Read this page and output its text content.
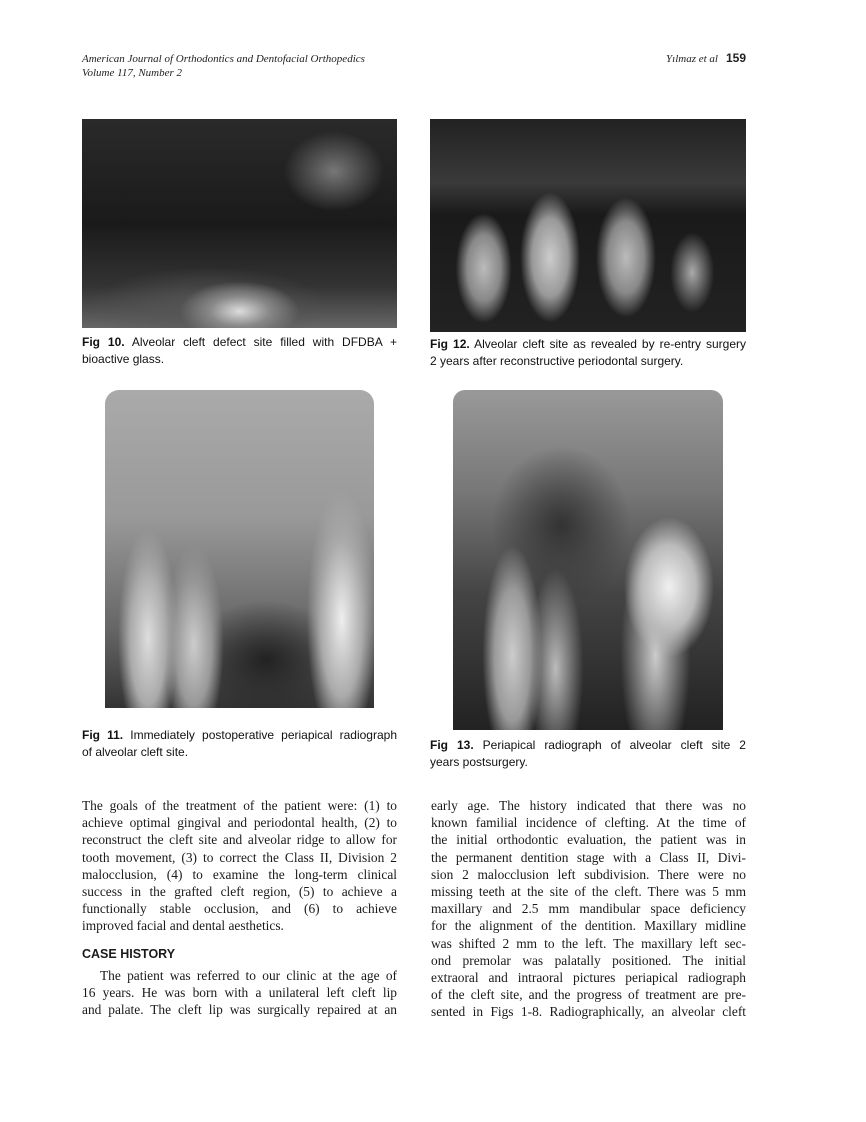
American Journal of Orthodontics and Dentofacial Orthopedics
Volume 117, Number 2
Yılmaz et al 159
Fig 10. Alveolar cleft defect site filled with DFDBA +
bioactive glass.
Fig 12. Alveolar cleft site as revealed by re-entry surgery
2 years after reconstructive periodontal surgery.
Fig 11. Immediately postoperative periapical radiograph
of alveolar cleft site.
Fig 13. Periapical radiograph of alveolar cleft site 2
years postsurgery.
The goals of the treatment of the patient were: (1) to
achieve optimal gingival and periodontal health, (2) to
reconstruct the cleft site and alveolar ridge to allow for
tooth movement, (3) to correct the Class II, Division 2
malocclusion, (4) to examine the long-term clinical
success in the grafted cleft region, (5) to achieve a
functionally stable occlusion, and (6) to achieve
improved facial and dental aesthetics.
CASE HISTORY
The patient was referred to our clinic at the age of
16 years. He was born with a unilateral left cleft lip
and palate. The cleft lip was surgically repaired at an
early age. The history indicated that there was no
known familial incidence of clefting. At the time of
the initial orthodontic evaluation, the patient was in
the permanent dentition stage with a Class II, Divi-
sion 2 malocclusion left subdivision. There were no
missing teeth at the site of the cleft. There was 5 mm
maxillary and 2.5 mm mandibular space deficiency
for the alignment of the dentition. Maxillary midline
was shifted 2 mm to the left. The maxillary left sec-
ond premolar was palatally positioned. The initial
extraoral and intraoral pictures periapical radiograph
of the cleft site, and the progress of treatment are pre-
sented in Figs 1-8. Radiographically, an alveolar cleft
